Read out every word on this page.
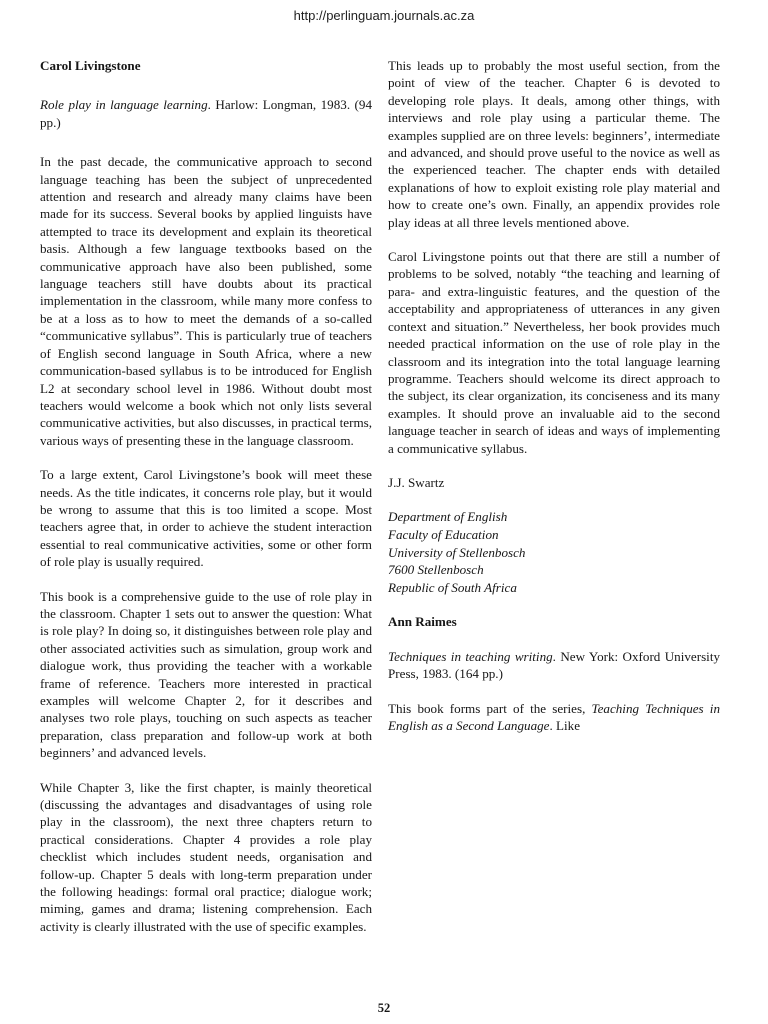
http://perlinguam.journals.ac.za

Carol Livingstone

Role play in language learning. Harlow: Longman, 1983. (94 pp.)

In the past decade, the communicative approach to second language teaching has been the subject of unprecedented attention and research and already many claims have been made for its success. Several books by applied linguists have attempted to trace its development and explain its theoretical basis. Although a few language textbooks based on the communicative approach have also been published, some language teachers still have doubts about its practical implementation in the classroom, while many more confess to be at a loss as to how to meet the demands of a so-called “communicative syllabus”. This is particularly true of teachers of English second language in South Africa, where a new communication-based syllabus is to be introduced for English L2 at secondary school level in 1986. Without doubt most teachers would welcome a book which not only lists several communicative activities, but also discusses, in practical terms, various ways of presenting these in the language classroom.

To a large extent, Carol Livingstone’s book will meet these needs. As the title indicates, it concerns role play, but it would be wrong to assume that this is too limited a scope. Most teachers agree that, in order to achieve the student interaction essential to real communicative activities, some or other form of role play is usually required.

This book is a comprehensive guide to the use of role play in the classroom. Chapter 1 sets out to answer the question: What is role play? In doing so, it distinguishes between role play and other associated activities such as simulation, group work and dialogue work, thus providing the teacher with a workable frame of reference. Teachers more interested in practical examples will welcome Chapter 2, for it describes and analyses two role plays, touching on such aspects as teacher preparation, class preparation and follow-up work at both beginners’ and advanced levels.

While Chapter 3, like the first chapter, is mainly theoretical (discussing the advantages and disadvantages of using role play in the classroom), the next three chapters return to practical considerations. Chapter 4 provides a role play checklist which includes student needs, organisation and follow-up. Chapter 5 deals with long-term preparation under the following headings: formal oral practice; dialogue work; miming, games and drama; listening comprehension. Each activity is clearly illustrated with the use of specific examples.

This leads up to probably the most useful section, from the point of view of the teacher. Chapter 6 is devoted to developing role plays. It deals, among other things, with interviews and role play using a particular theme. The examples supplied are on three levels: beginners’, intermediate and advanced, and should prove useful to the novice as well as the experienced teacher. The chapter ends with detailed explanations of how to exploit existing role play material and how to create one’s own. Finally, an appendix provides role play ideas at all three levels mentioned above.

Carol Livingstone points out that there are still a number of problems to be solved, notably “the teaching and learning of para- and extra-linguistic features, and the question of the acceptability and appropriateness of utterances in any given context and situation.” Nevertheless, her book provides much needed practical information on the use of role play in the classroom and its integration into the total language learning programme. Teachers should welcome its direct approach to the subject, its clear organization, its conciseness and its many examples. It should prove an invaluable aid to the second language teacher in search of ideas and ways of implementing a communicative syllabus.

J.J. Swartz

Department of English
Faculty of Education
University of Stellenbosch
7600 Stellenbosch
Republic of South Africa

Ann Raimes

Techniques in teaching writing. New York: Oxford University Press, 1983. (164 pp.)

This book forms part of the series, Teaching Techniques in English as a Second Language. Like

52
